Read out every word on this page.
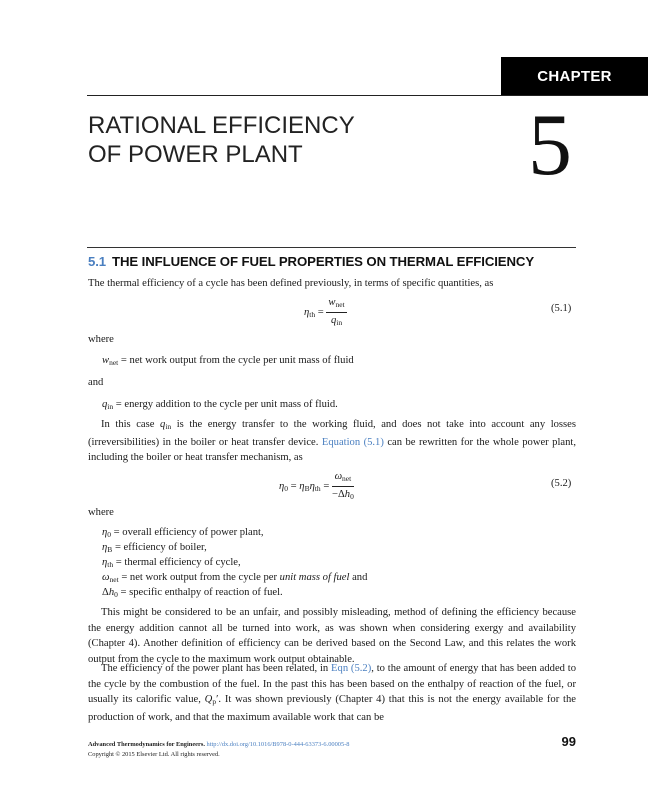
CHAPTER
RATIONAL EFFICIENCY
OF POWER PLANT	5
5.1 THE INFLUENCE OF FUEL PROPERTIES ON THERMAL EFFICIENCY
The thermal efficiency of a cycle has been defined previously, in terms of specific quantities, as
$\eta_{th} = \frac{w_{net}}{q_{in}}$	(5.1)
where
$w_{net}$ = net work output from the cycle per unit mass of fluid
and
$q_{in}$ = energy addition to the cycle per unit mass of fluid.
In this case $q_{in}$ is the energy transfer to the working fluid, and does not take into account any losses (irreversibilities) in the boiler or heat transfer device. Equation (5.1) can be rewritten for the whole power plant, including the boiler or heat transfer mechanism, as
$\eta_0 = \eta_B\eta_{th} = \frac{\omega_{net}}{-\Delta h_0}$	(5.2)
where
$\eta_0$ = overall efficiency of power plant,
$\eta_B$ = efficiency of boiler,
$\eta_{th}$ = thermal efficiency of cycle,
$\omega_{net}$ = net work output from the cycle per unit mass of fuel and
$\Delta h_0$ = specific enthalpy of reaction of fuel.
This might be considered to be an unfair, and possibly misleading, method of defining the efficiency because the energy addition cannot all be turned into work, as was shown when considering exergy and availability (Chapter 4). Another definition of efficiency can be derived based on the Second Law, and this relates the work output from the cycle to the maximum work output obtainable.
The efficiency of the power plant has been related, in Eqn (5.2), to the amount of energy that has been added to the cycle by the combustion of the fuel. In the past this has been based on the enthalpy of reaction of the fuel, or usually its calorific value, $Q_p'$. It was shown previously (Chapter 4) that this is not the energy available for the production of work, and that the maximum available work that can be
Advanced Thermodynamics for Engineers. http://dx.doi.org/10.1016/B978-0-444-63373-6.00005-8
Copyright © 2015 Elsevier Ltd. All rights reserved.
99
